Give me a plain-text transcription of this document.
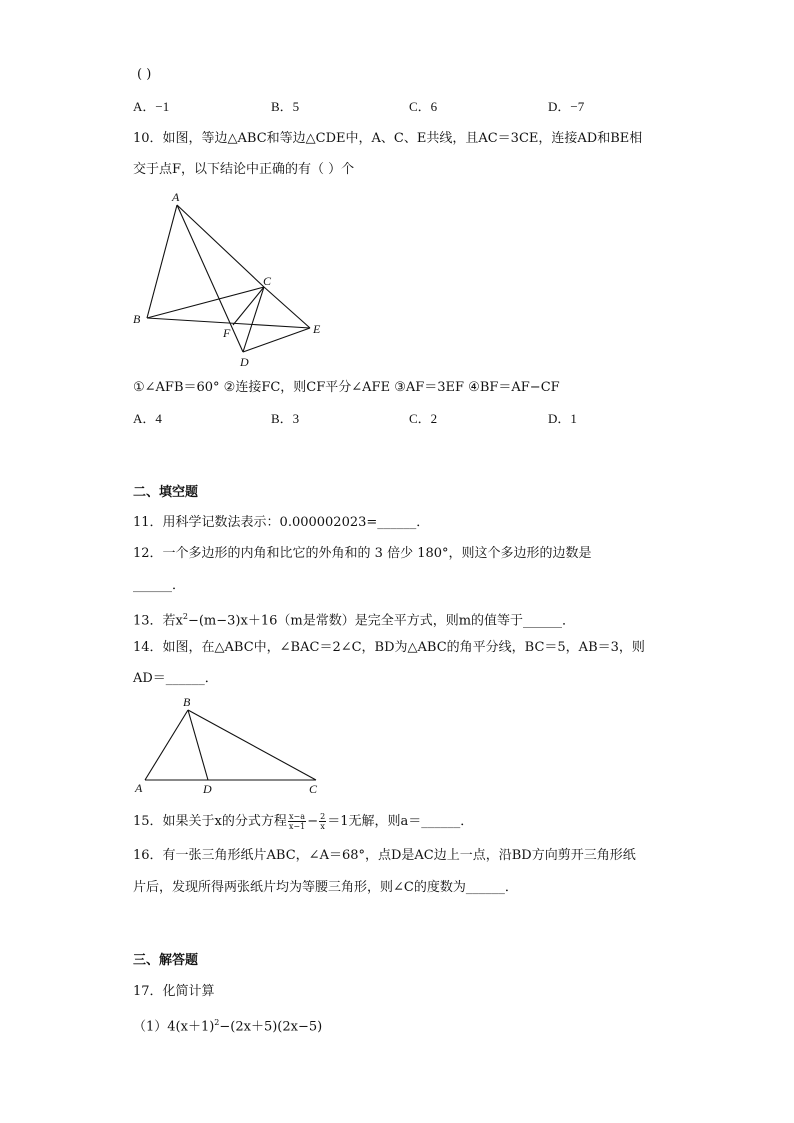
( )
A．−1	B．5	C．6	D．−7
10．如图，等边△ABC和等边△CDE中，A、C、E共线，且AC＝3CE，连接AD和BE相
交于点F，以下结论中正确的有（ ）个
A
B
C
D
E
F
①∠AFB＝60° ②连接FC，则CF平分∠AFE ③AF＝3EF ④BF＝AF−CF
A．4	B．3	C．2	D．1
二、填空题
11．用科学记数法表示：0.000002023=______．
12．一个多边形的内角和比它的外角和的 3 倍少 180°，则这个多边形的边数是
______．
13．若$x^2-(m-3)x+16(m$是常数）是完全平方式，则m的值等于______．
14．如图，在△ABC中，∠BAC＝2∠C，BD为△ABC的角平分线，BC＝5，AB＝3，则
AD＝______．
A
B
C
D
15．如果关于x的分式方程 $\frac{x-a}{x-1} - \frac{2}{x} =1$无解，则a＝______．
16．有一张三角形纸片ABC，∠A＝68°，点D是AC边上一点，沿BD方向剪开三角形纸
片后，发现所得两张纸片均为等腰三角形，则∠C的度数为______．
三、解答题
17．化简计算
$(1)4(x+1)^2-(2x+5)(2x-5)$
